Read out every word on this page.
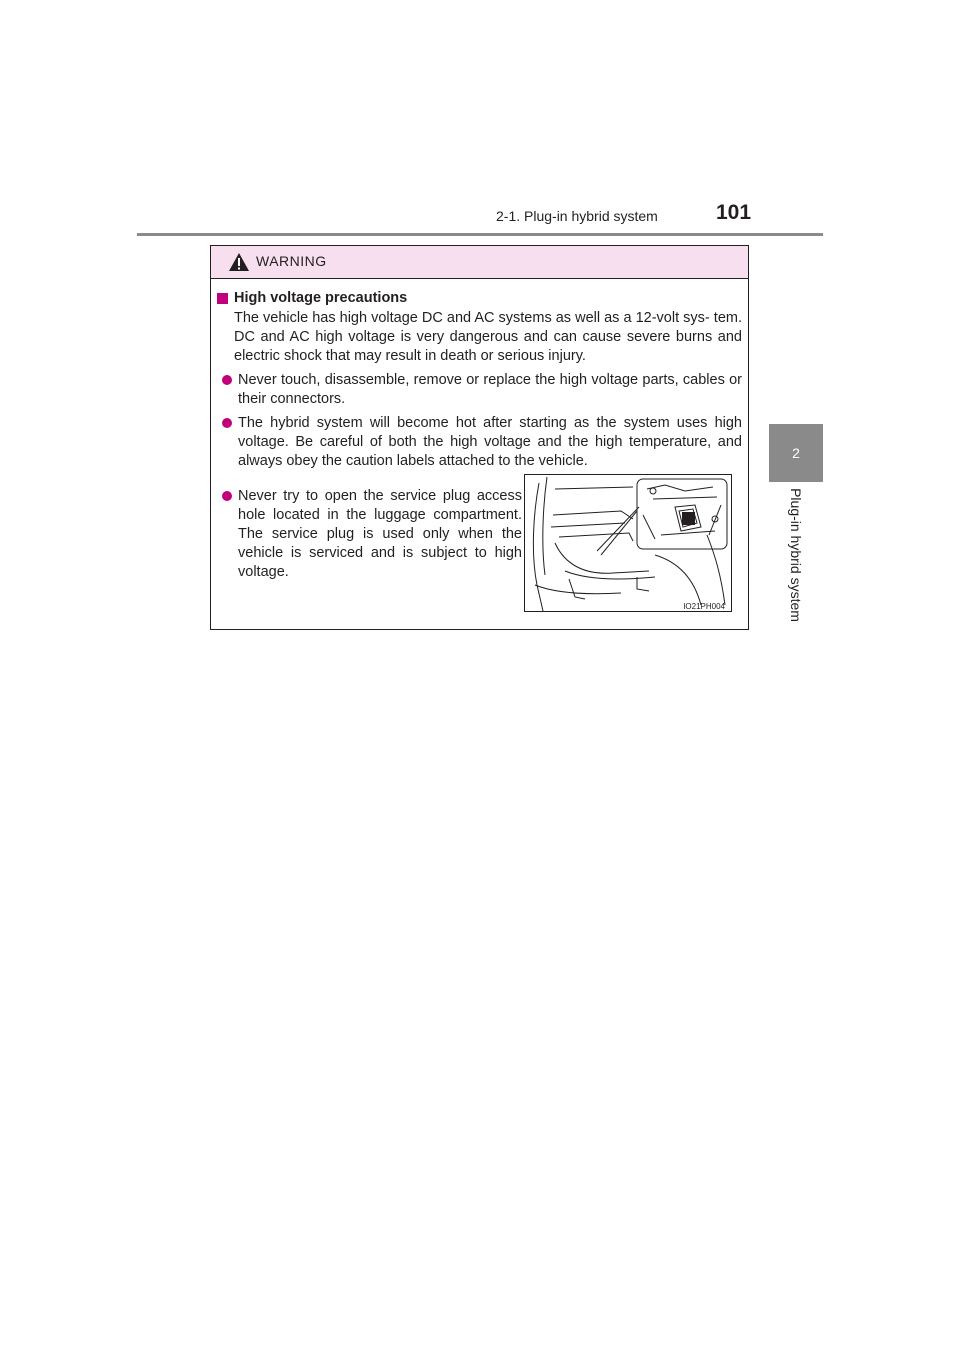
2-1. Plug-in hybrid system	101
2
Plug-in hybrid system
WARNING
High voltage precautions
The vehicle has high voltage DC and AC systems as well as a 12-volt sys- tem. DC and AC high voltage is very dangerous and can cause severe burns and electric shock that may result in death or serious injury.
Never touch, disassemble, remove or replace the high voltage parts, cables or their connectors.
The hybrid system will become hot after starting as the system uses high voltage. Be careful of both the high voltage and the high temperature, and always obey the caution labels attached to the vehicle.
Never try to open the service plug access hole located in the luggage compartment. The service plug is used only when the vehicle is serviced and is subject to high voltage.
IO21PH004
